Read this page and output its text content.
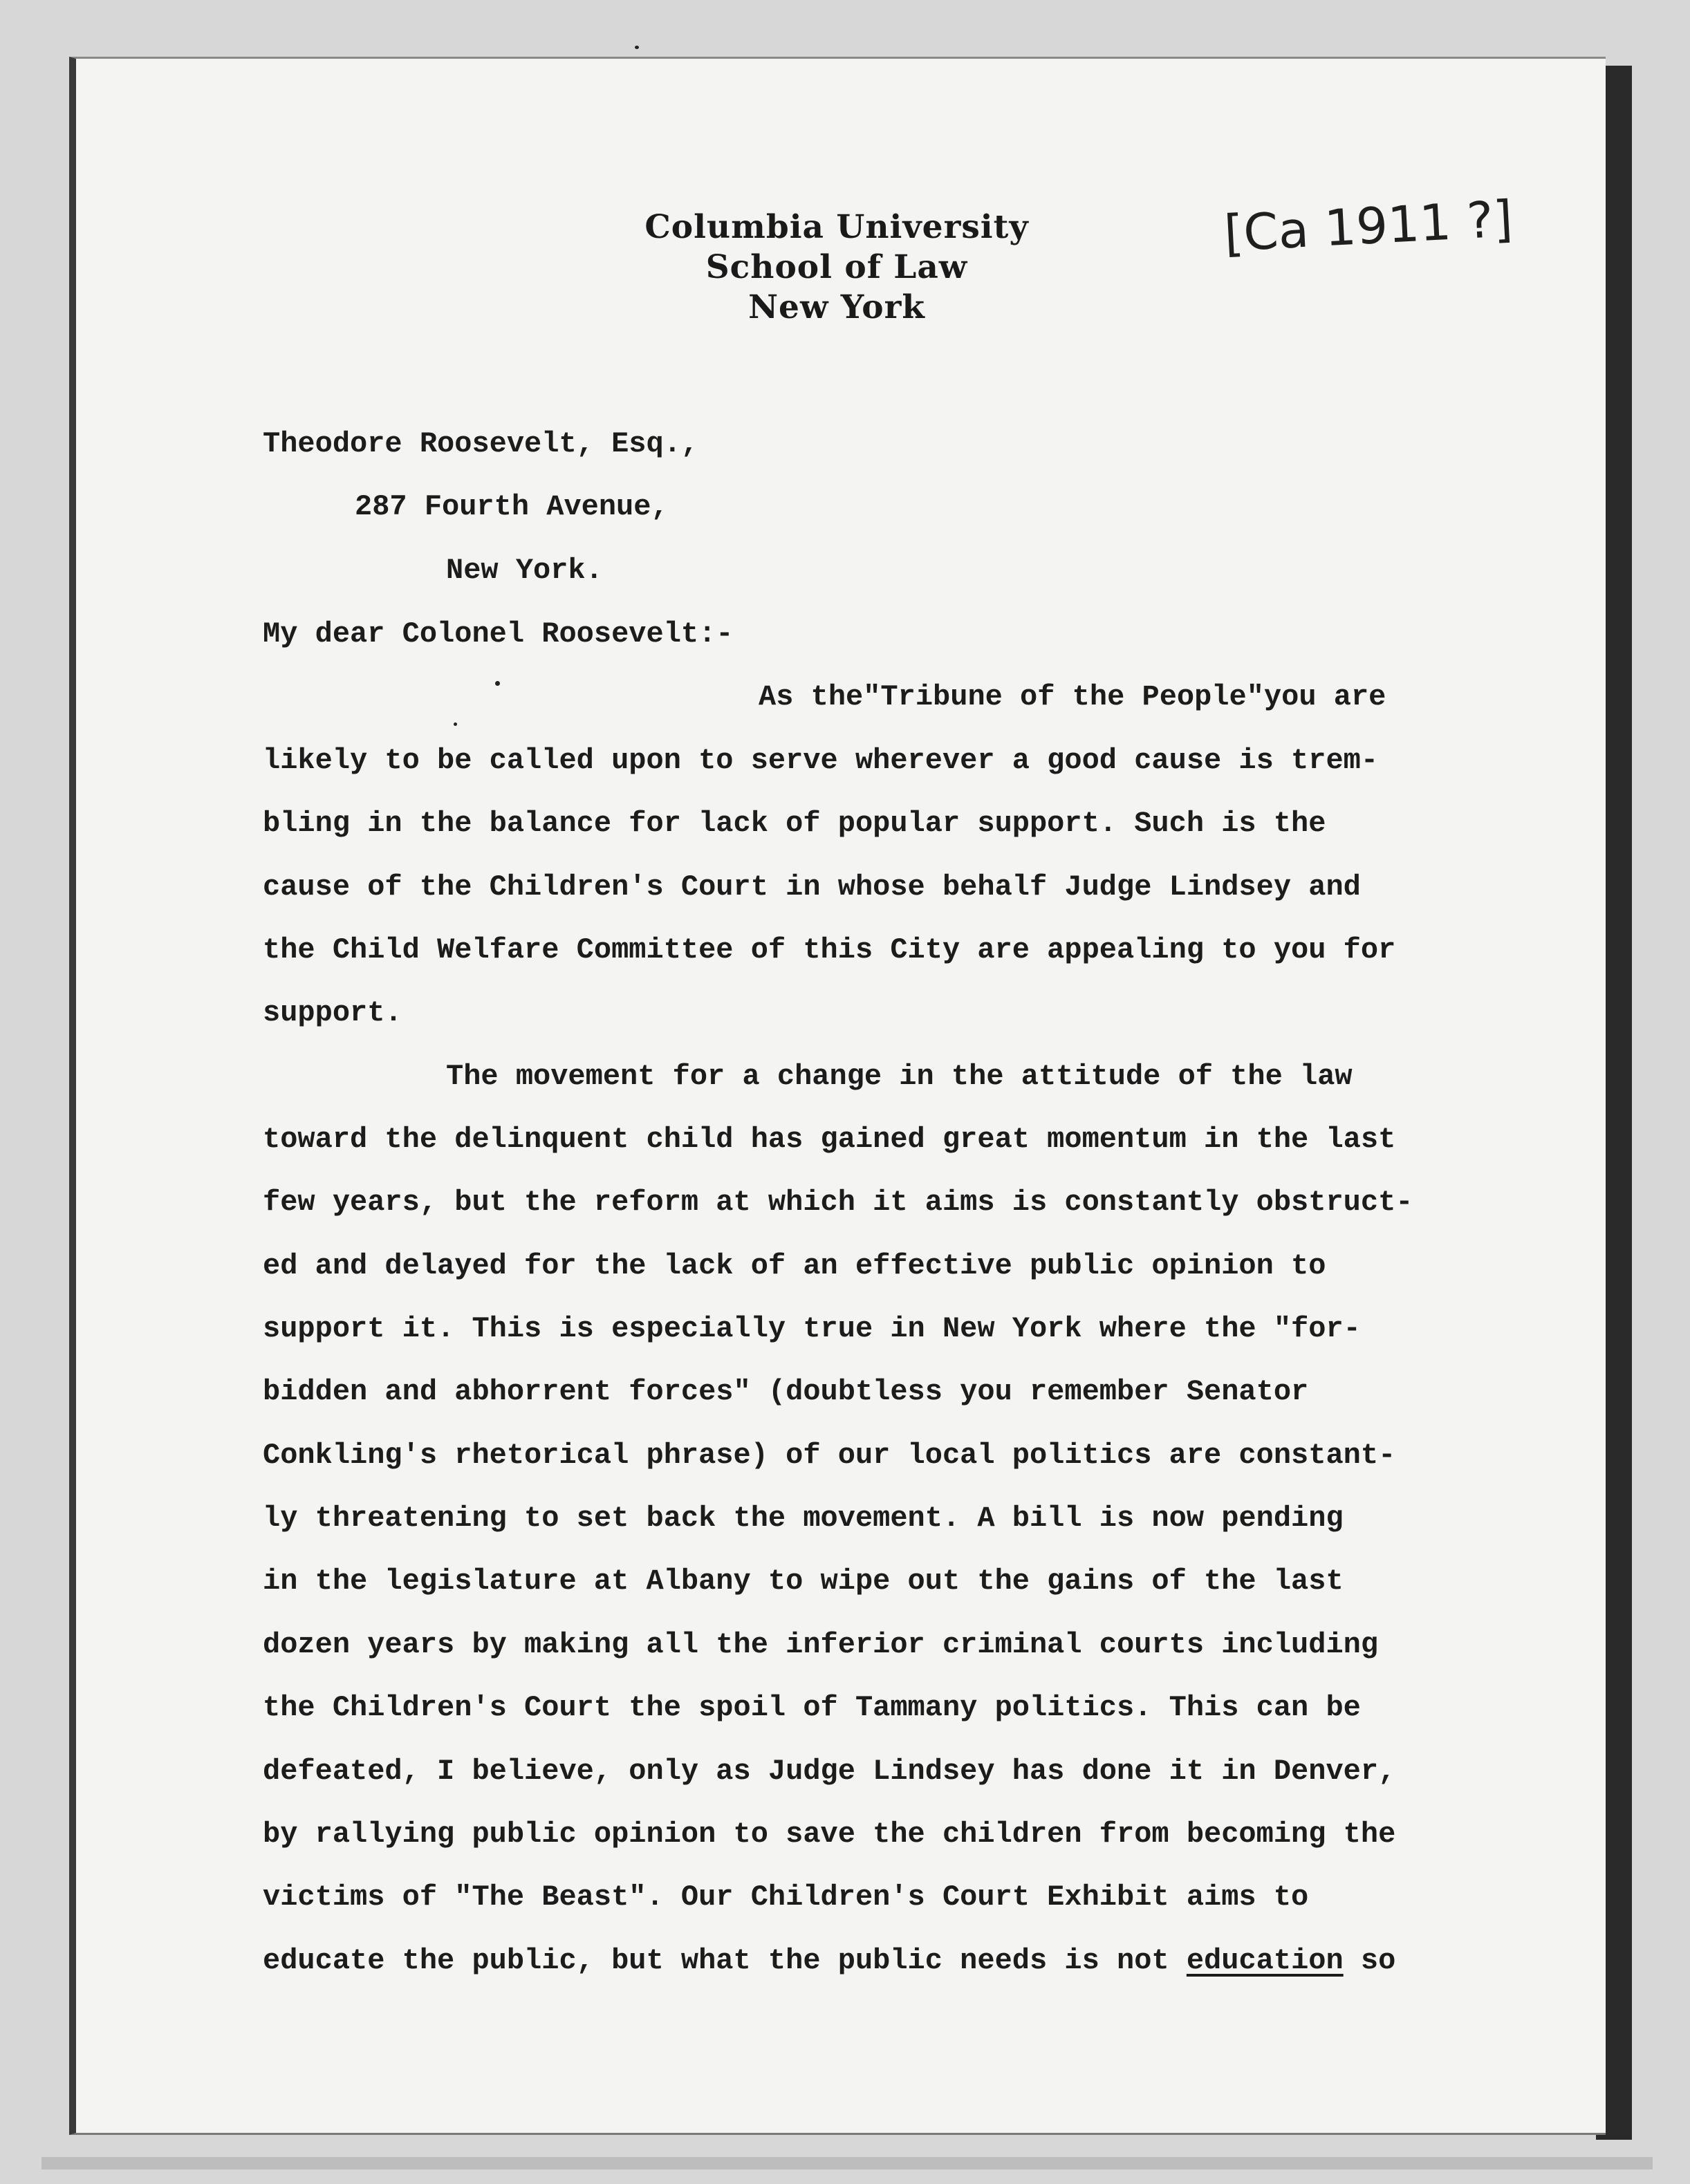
Columbia University
School of Law
New York
[Ca 1911 ?]
Theodore Roosevelt, Esq.,
287 Fourth Avenue,
New York.
My dear Colonel Roosevelt:-
As the"Tribune of the People"you are
likely to be called upon to serve wherever a good cause is trem-
bling in the balance for lack of popular support. Such is the
cause of the Children's Court in whose behalf Judge Lindsey and
the Child Welfare Committee of this City are appealing to you for
support.
The movement for a change in the attitude of the law
toward the delinquent child has gained great momentum in the last
few years, but the reform at which it aims is constantly obstruct-
ed and delayed for the lack of an effective public opinion to
support it. This is especially true in New York where the "for-
bidden and abhorrent forces" (doubtless you remember Senator
Conkling's rhetorical phrase) of our local politics are constant-
ly threatening to set back the movement. A bill is now pending
in the legislature at Albany to wipe out the gains of the last
dozen years by making all the inferior criminal courts including
the Children's Court the spoil of Tammany politics. This can be
defeated, I believe, only as Judge Lindsey has done it in Denver,
by rallying public opinion to save the children from becoming the
victims of "The Beast". Our Children's Court Exhibit aims to
educate the public, but what the public needs is not education so
